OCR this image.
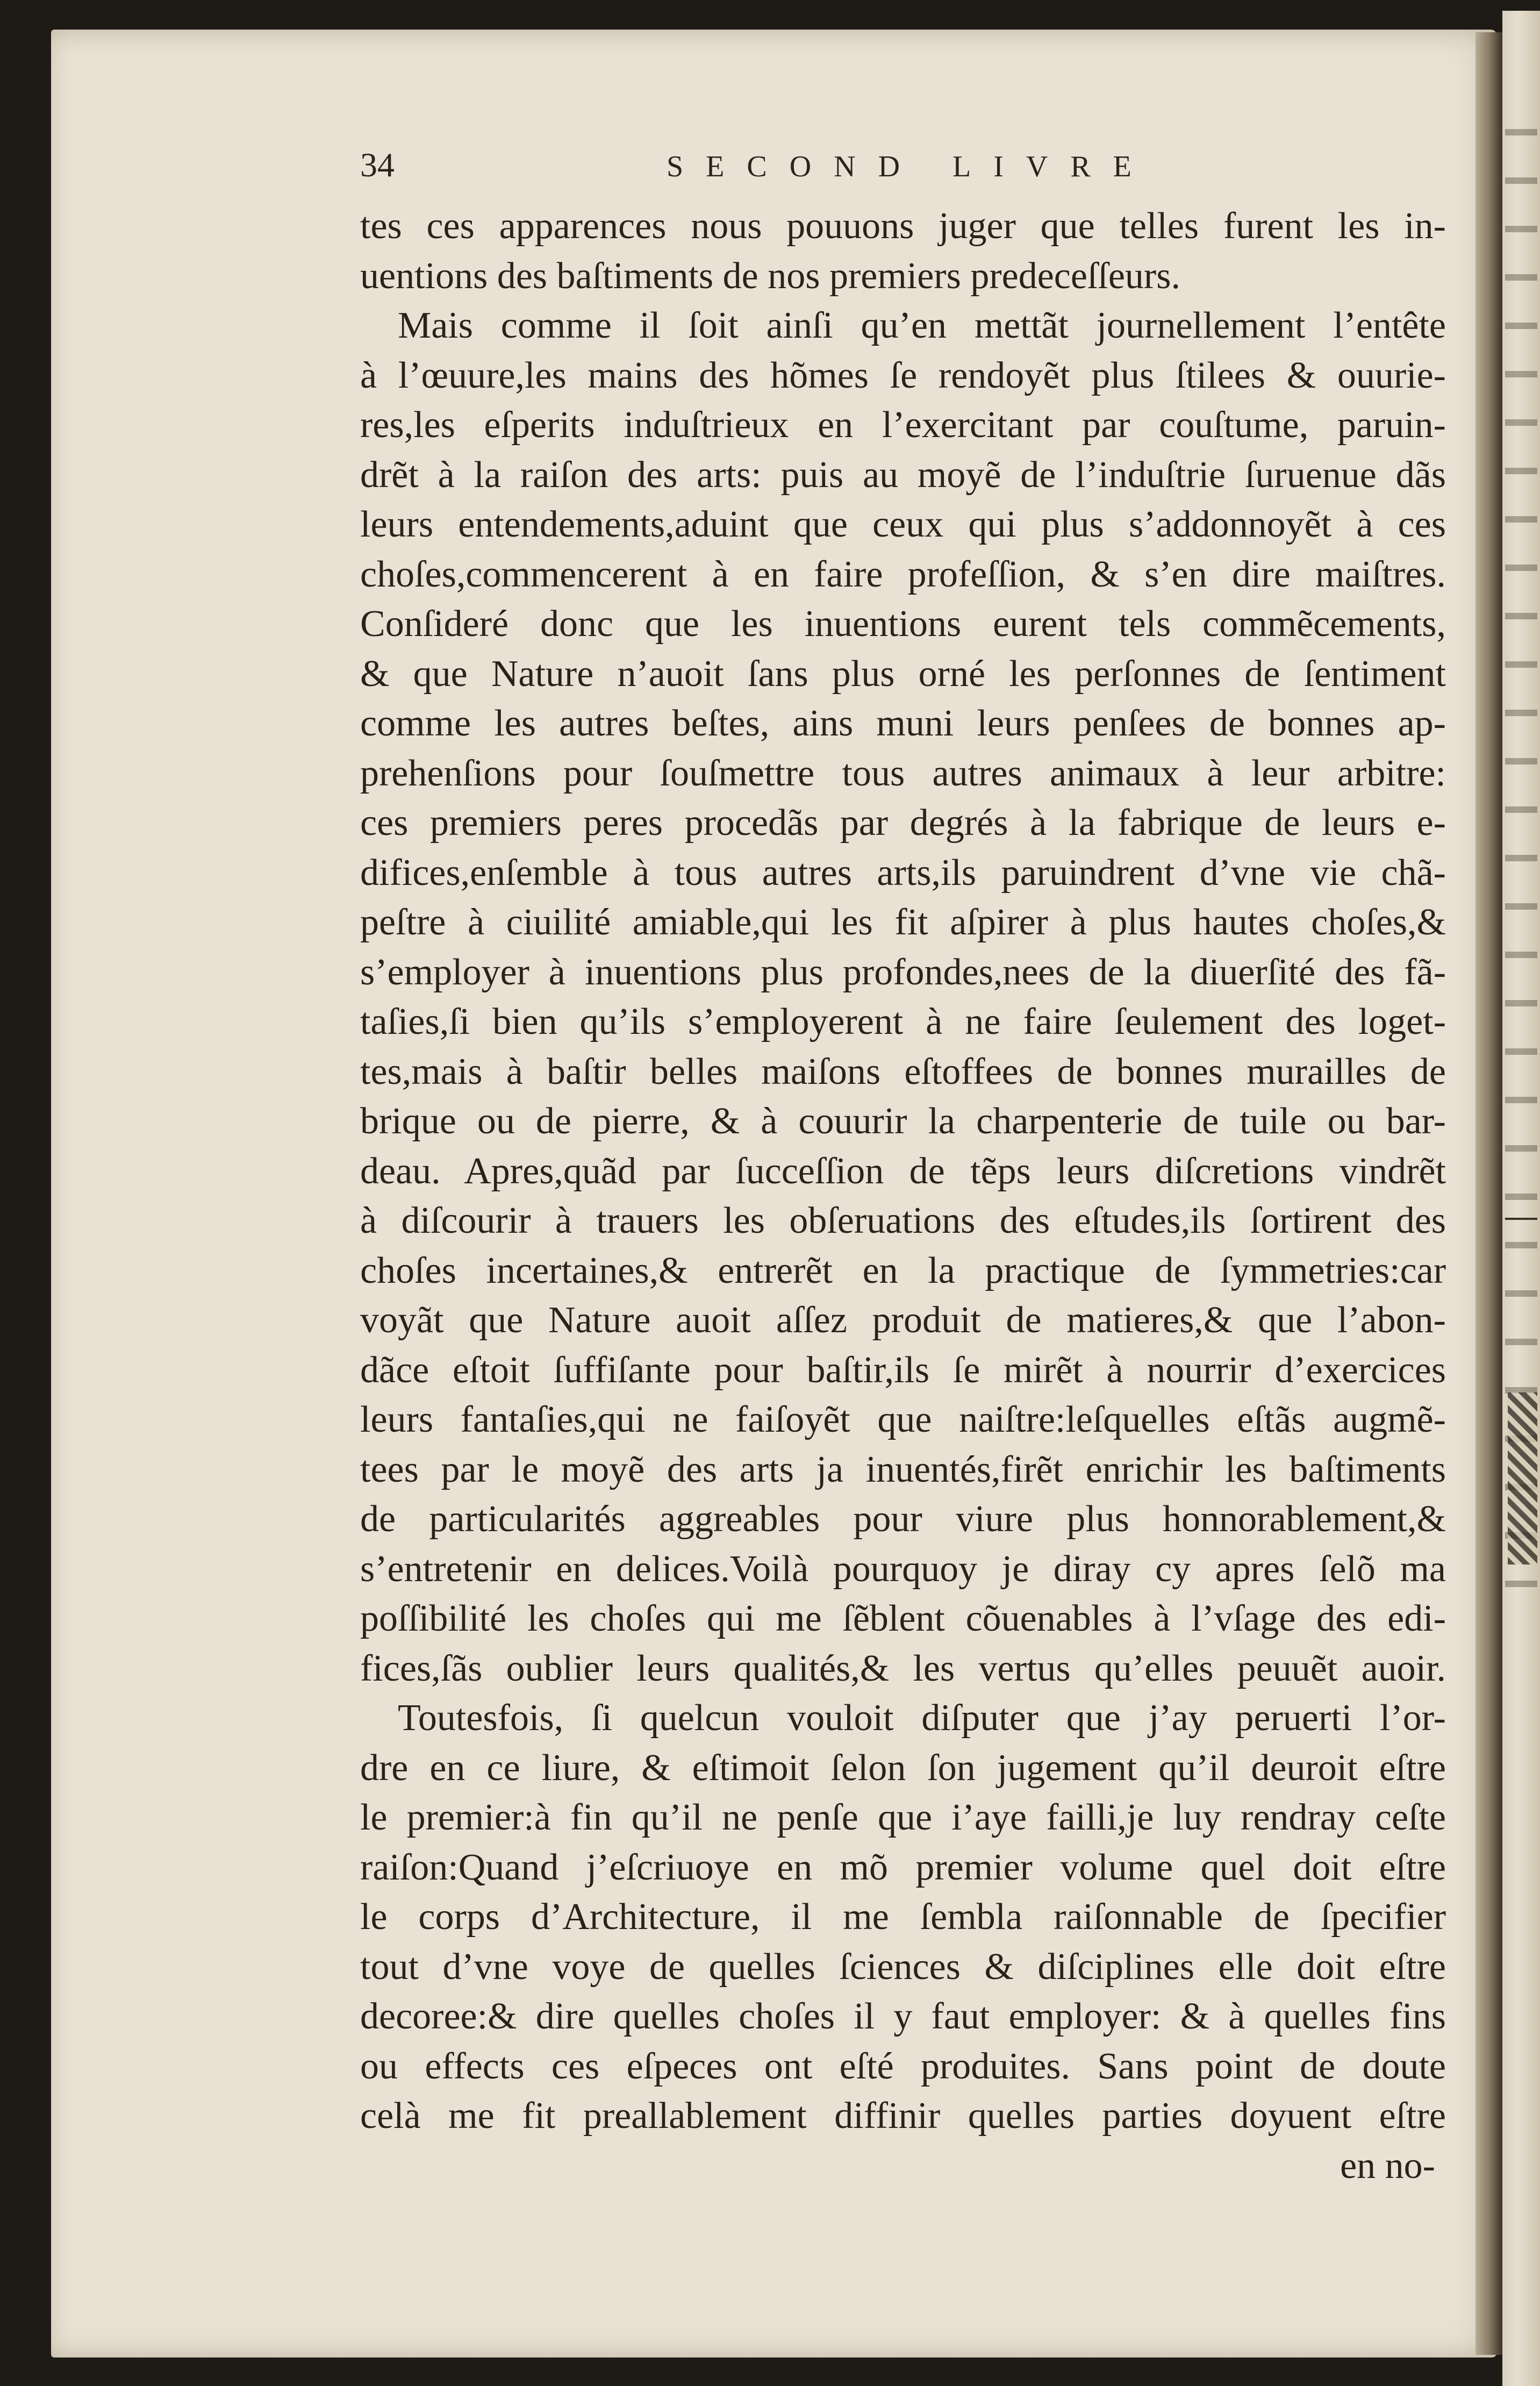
34	SECOND LIVRE
tes ces apparences nous pouuons juger que telles furent les in-
uentions des baſtiments de nos premiers predeceſſeurs.
Mais comme il ſoit ainſi qu’en mettãt journellement l’entête
à l’œuure,les mains des hõmes ſe rendoyẽt plus ſtilees & ouurie-
res,les eſperits induſtrieux en l’exercitant par couſtume, paruin-
drẽt à la raiſon des arts: puis au moyẽ de l’induſtrie ſuruenue dãs
leurs entendements,aduint que ceux qui plus s’addonnoyẽt à ces
choſes,commencerent à en faire profeſſion, & s’en dire maiſtres.
Conſideré donc que les inuentions eurent tels commẽcements,
& que Nature n’auoit ſans plus orné les perſonnes de ſentiment
comme les autres beſtes, ains muni leurs penſees de bonnes ap-
prehenſions pour ſouſmettre tous autres animaux à leur arbitre:
ces premiers peres procedãs par degrés à la fabrique de leurs e-
difices,enſemble à tous autres arts,ils paruindrent d’vne vie chã-
peſtre à ciuilité amiable,qui les fit aſpirer à plus hautes choſes,&
s’employer à inuentions plus profondes,nees de la diuerſité des fã-
taſies,ſi bien qu’ils s’employerent à ne faire ſeulement des loget-
tes,mais à baſtir belles maiſons eſtoffees de bonnes murailles de
brique ou de pierre, & à couurir la charpenterie de tuile ou bar-
deau. Apres,quãd par ſucceſſion de tẽps leurs diſcretions vindrẽt
à diſcourir à trauers les obſeruations des eſtudes,ils ſortirent des
choſes incertaines,& entrerẽt en la practique de ſymmetries:car
voyãt que Nature auoit aſſez produit de matieres,& que l’abon-
dãce eſtoit ſuffiſante pour baſtir,ils ſe mirẽt à nourrir d’exercices
leurs fantaſies,qui ne faiſoyẽt que naiſtre:leſquelles eſtãs augmẽ-
tees par le moyẽ des arts ja inuentés,firẽt enrichir les baſtiments
de particularités aggreables pour viure plus honnorablement,&
s’entretenir en delices.Voilà pourquoy je diray cy apres ſelõ ma
poſſibilité les choſes qui me ſẽblent cõuenables à l’vſage des edi-
fices,ſãs oublier leurs qualités,& les vertus qu’elles peuuẽt auoir.
Toutesfois, ſi quelcun vouloit diſputer que j’ay peruerti l’or-
dre en ce liure, & eſtimoit ſelon ſon jugement qu’il deuroit eſtre
le premier:à fin qu’il ne penſe que i’aye failli,je luy rendray ceſte
raiſon:Quand j’eſcriuoye en mõ premier volume quel doit eſtre
le corps d’Architecture, il me ſembla raiſonnable de ſpecifier
tout d’vne voye de quelles ſciences & diſciplines elle doit eſtre
decoree:& dire quelles choſes il y faut employer: & à quelles fins
ou effects ces eſpeces ont eſté produites. Sans point de doute
celà me fit preallablement diffinir quelles parties doyuent eſtre
en no-
